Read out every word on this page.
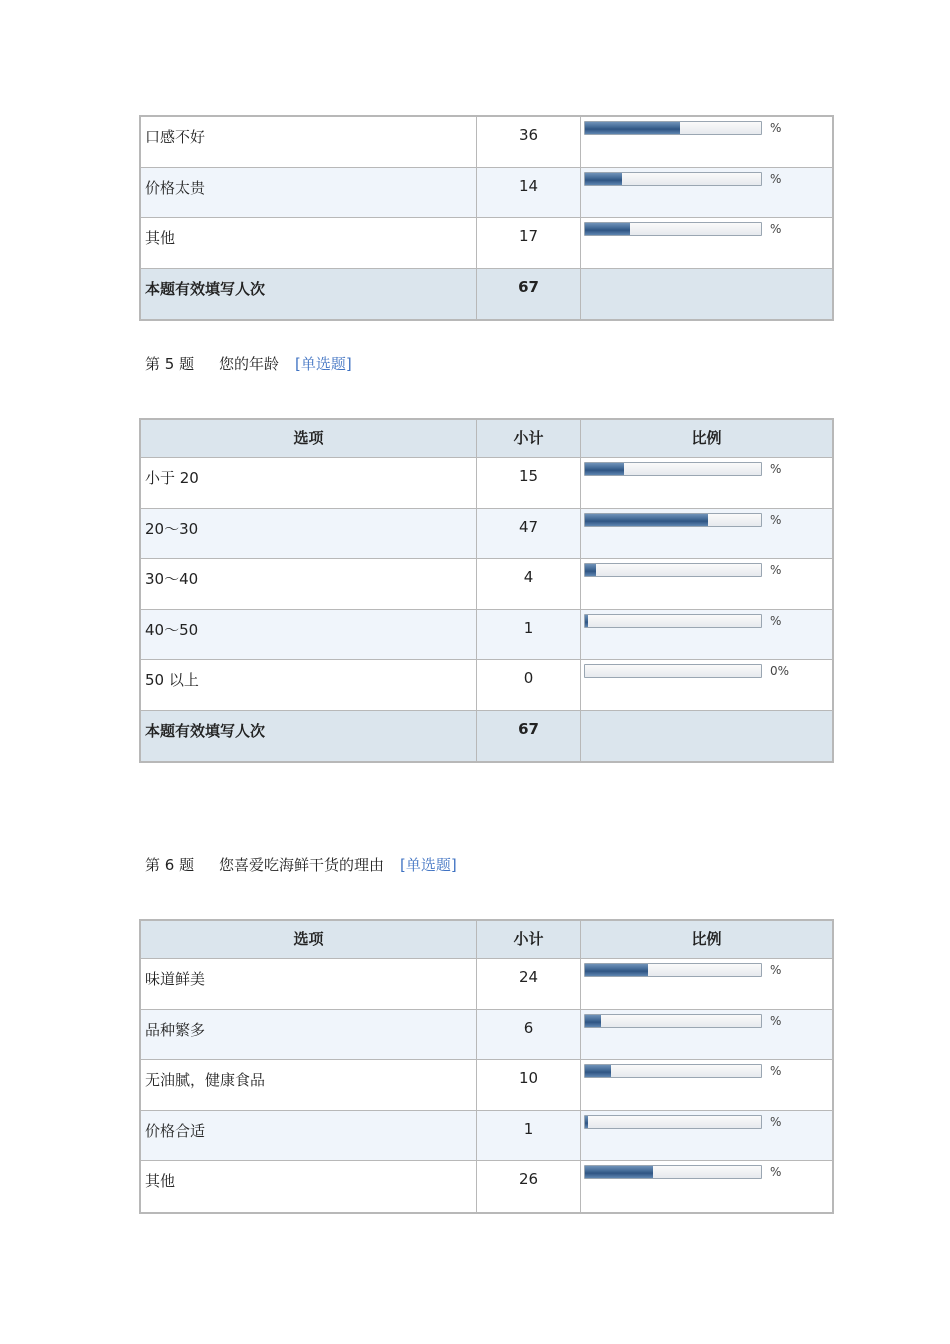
口感不好	36	%
价格太贵	14	%
其他	17	%
本题有效填写人次	67
第 5 题 您的年龄 [单选题]
选项	小计	比例
小于 20	15	%
20～30	47	%
30～40	4	%
40～50	1	%
50 以上	0	0%
本题有效填写人次	67
第 6 题 您喜爱吃海鲜干货的理由 [单选题]
选项	小计	比例
味道鲜美	24	%
品种繁多	6	%
无油腻，健康食品	10	%
价格合适	1	%
其他	26	%
